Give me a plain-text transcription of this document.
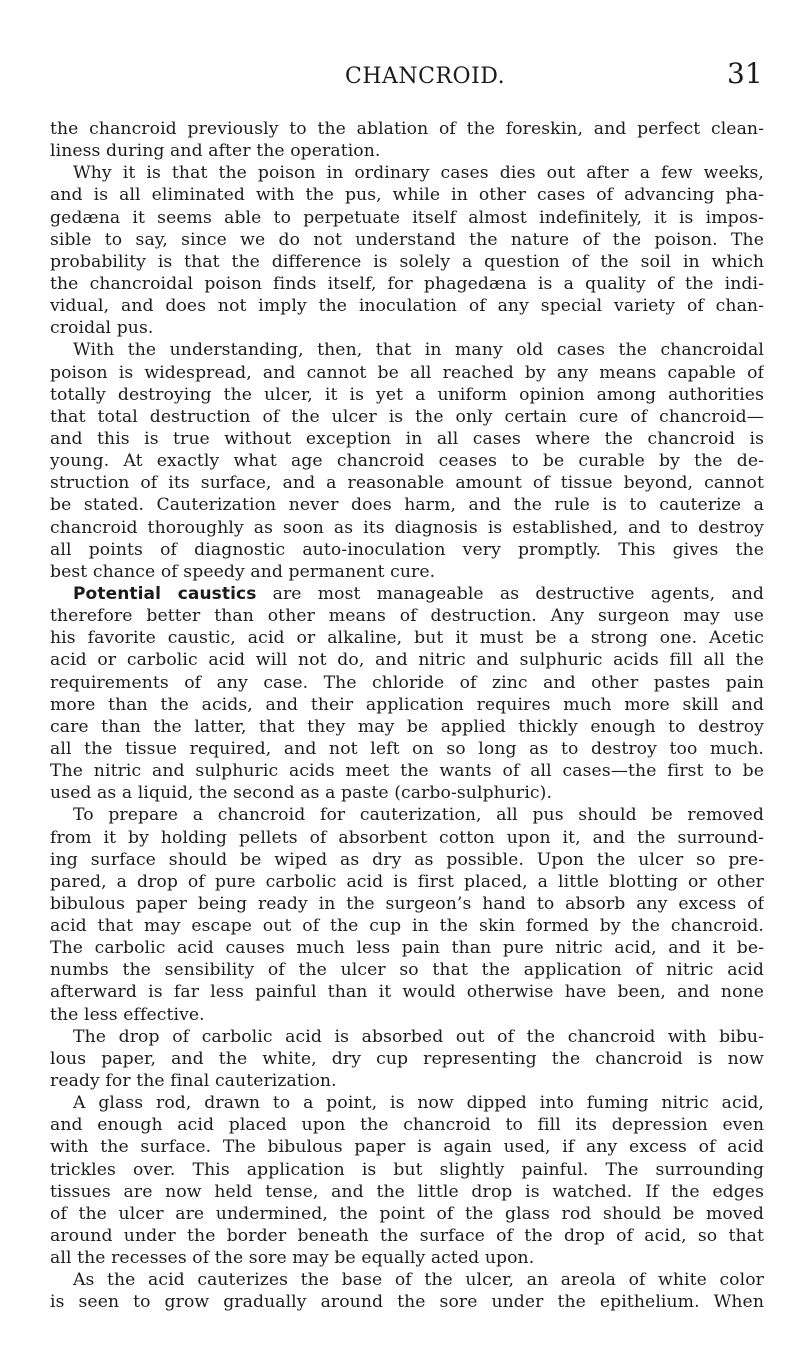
CHANCROID.	31
the chancroid previously to the ablation of the foreskin, and perfect clean-
liness during and after the operation.
Why it is that the poison in ordinary cases dies out after a few weeks,
and is all eliminated with the pus, while in other cases of advancing pha-
gedæna it seems able to perpetuate itself almost indefinitely, it is impos-
sible to say, since we do not understand the nature of the poison. The
probability is that the difference is solely a question of the soil in which
the chancroidal poison finds itself, for phagedæna is a quality of the indi-
vidual, and does not imply the inoculation of any special variety of chan-
croidal pus.
With the understanding, then, that in many old cases the chancroidal
poison is widespread, and cannot be all reached by any means capable of
totally destroying the ulcer, it is yet a uniform opinion among authorities
that total destruction of the ulcer is the only certain cure of chancroid—
and this is true without exception in all cases where the chancroid is
young. At exactly what age chancroid ceases to be curable by the de-
struction of its surface, and a reasonable amount of tissue beyond, cannot
be stated. Cauterization never does harm, and the rule is to cauterize a
chancroid thoroughly as soon as its diagnosis is established, and to destroy
all points of diagnostic auto-inoculation very promptly. This gives the
best chance of speedy and permanent cure.
Potential caustics are most manageable as destructive agents, and
therefore better than other means of destruction. Any surgeon may use
his favorite caustic, acid or alkaline, but it must be a strong one. Acetic
acid or carbolic acid will not do, and nitric and sulphuric acids fill all the
requirements of any case. The chloride of zinc and other pastes pain
more than the acids, and their application requires much more skill and
care than the latter, that they may be applied thickly enough to destroy
all the tissue required, and not left on so long as to destroy too much.
The nitric and sulphuric acids meet the wants of all cases—the first to be
used as a liquid, the second as a paste (carbo-sulphuric).
To prepare a chancroid for cauterization, all pus should be removed
from it by holding pellets of absorbent cotton upon it, and the surround-
ing surface should be wiped as dry as possible. Upon the ulcer so pre-
pared, a drop of pure carbolic acid is first placed, a little blotting or other
bibulous paper being ready in the surgeon’s hand to absorb any excess of
acid that may escape out of the cup in the skin formed by the chancroid.
The carbolic acid causes much less pain than pure nitric acid, and it be-
numbs the sensibility of the ulcer so that the application of nitric acid
afterward is far less painful than it would otherwise have been, and none
the less effective.
The drop of carbolic acid is absorbed out of the chancroid with bibu-
lous paper, and the white, dry cup representing the chancroid is now
ready for the final cauterization.
A glass rod, drawn to a point, is now dipped into fuming nitric acid,
and enough acid placed upon the chancroid to fill its depression even
with the surface. The bibulous paper is again used, if any excess of acid
trickles over. This application is but slightly painful. The surrounding
tissues are now held tense, and the little drop is watched. If the edges
of the ulcer are undermined, the point of the glass rod should be moved
around under the border beneath the surface of the drop of acid, so that
all the recesses of the sore may be equally acted upon.
As the acid cauterizes the base of the ulcer, an areola of white color
is seen to grow gradually around the sore under the epithelium. When
